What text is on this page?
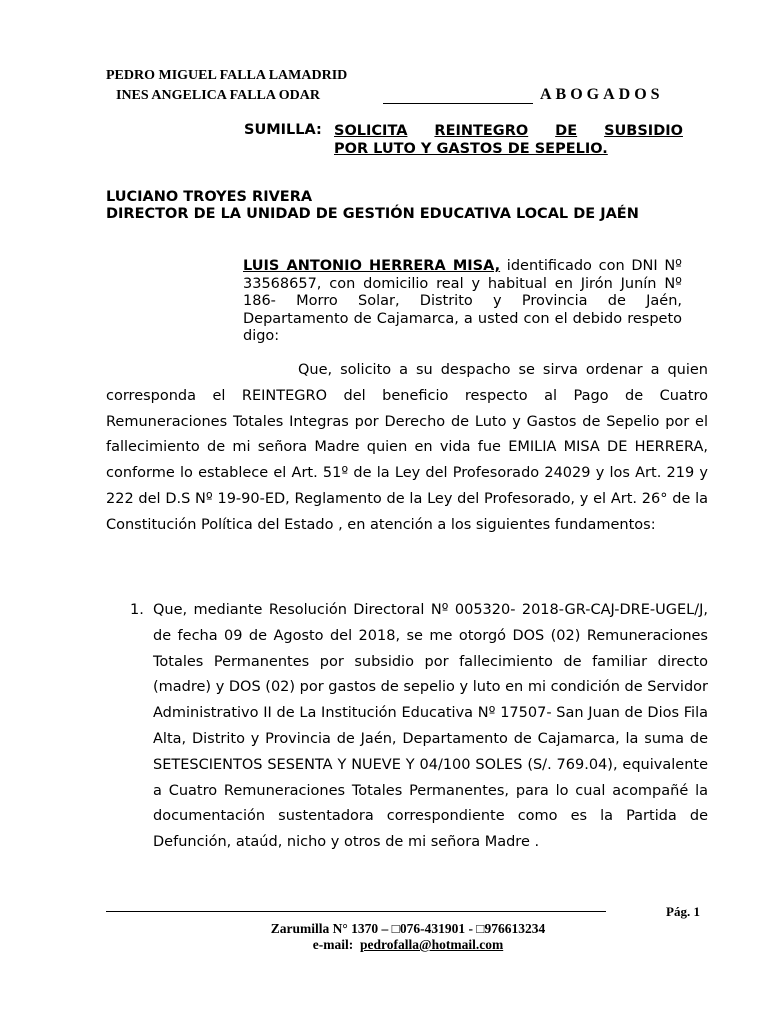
PEDRO MIGUEL FALLA LAMADRID
INES ANGELICA FALLA ODAR	ABOGADOS
SUMILLA: SOLICITA REINTEGRO DE SUBSIDIO
POR LUTO Y GASTOS DE SEPELIO.
LUCIANO TROYES RIVERA
DIRECTOR DE LA UNIDAD DE GESTIÓN EDUCATIVA LOCAL DE JAÉN
LUIS ANTONIO HERRERA MISA, identificado con DNI Nº 33568657, con domicilio real y habitual en Jirón Junín Nº 186- Morro Solar, Distrito y Provincia de Jaén, Departamento de Cajamarca, a usted con el debido respeto digo:
Que, solicito a su despacho se sirva ordenar a quien corresponda el REINTEGRO del beneficio respecto al Pago de Cuatro Remuneraciones Totales Integras por Derecho de Luto y Gastos de Sepelio por el fallecimiento de mi señora Madre quien en vida fue EMILIA MISA DE HERRERA, conforme lo establece el Art. 51º de la Ley del Profesorado 24029 y los Art. 219 y 222 del D.S Nº 19-90-ED, Reglamento de la Ley del Profesorado, y el Art. 26° de la Constitución Política del Estado , en atención a los siguientes fundamentos:
1. Que, mediante Resolución Directoral Nº 005320- 2018-GR-CAJ-DRE-UGEL/J, de fecha 09 de Agosto del 2018, se me otorgó DOS (02) Remuneraciones Totales Permanentes por subsidio por fallecimiento de familiar directo (madre) y DOS (02) por gastos de sepelio y luto en mi condición de Servidor Administrativo II de La Institución Educativa Nº 17507- San Juan de Dios Fila Alta, Distrito y Provincia de Jaén, Departamento de Cajamarca, la suma de SETESCIENTOS SESENTA Y NUEVE Y 04/100 SOLES (S/. 769.04), equivalente a Cuatro Remuneraciones Totales Permanentes, para lo cual acompañé la documentación sustentadora correspondiente como es la Partida de Defunción, ataúd, nicho y otros de mi señora Madre .
Pág. 1
Zarumilla N° 1370 – □076-431901 - □976613234
e-mail: pedrofalla@hotmail.com
